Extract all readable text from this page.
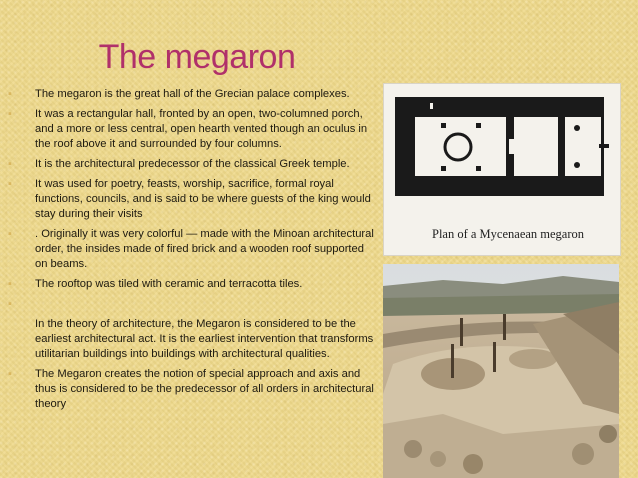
The megaron
▪ The megaron is the great hall of the Grecian palace complexes.
▪ It was a rectangular hall, fronted by an open, two-columned porch, and a more or less central, open hearth vented though an oculus in the roof above it and surrounded by four columns.
▪ It is the architectural predecessor of the classical Greek temple.
▪ It was used for poetry, feasts, worship, sacrifice, formal royal functions, councils, and is said to be where guests of the king would stay during their visits
▪ . Originally it was very colorful — made with the Minoan architectural order, the insides made of fired brick and a wooden roof supported on beams.
▪ The rooftop was tiled with ceramic and terracotta tiles.
▪
In the theory of architecture, the Megaron is considered to be the earliest architectural act. It is the earliest intervention that transforms utilitarian buildings into buildings with architectural qualities.
▪ The Megaron creates the notion of special approach and axis and thus is considered to be the predecessor of all orders in architectural theory
Plan of a Mycenaean megaron
